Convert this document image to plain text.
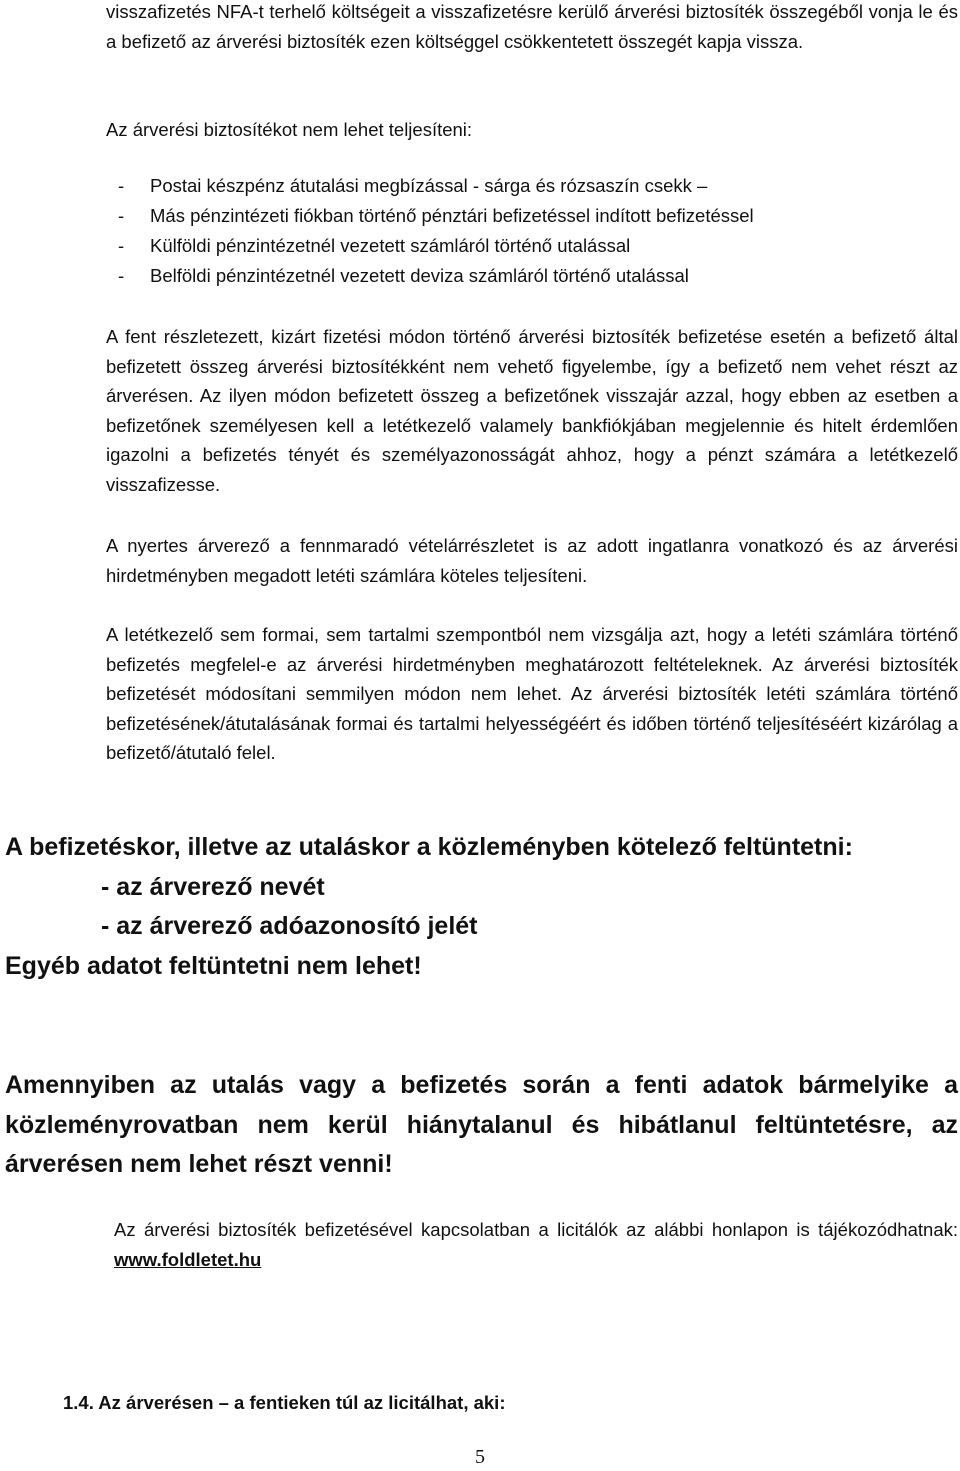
visszafizetés NFA-t terhelő költségeit a visszafizetésre kerülő árverési biztosíték összegéből vonja le és a befizető az árverési biztosíték ezen költséggel csökkentetett összegét kapja vissza.

Az árverési biztosítékot nem lehet teljesíteni:

- Postai készpénz átutalási megbízással - sárga és rózsaszín csekk –
- Más pénzintézeti fiókban történő pénztári befizetéssel indított befizetéssel
- Külföldi pénzintézetnél vezetett számláról történő utalással
- Belföldi pénzintézetnél vezetett deviza számláról történő utalással

A fent részletezett, kizárt fizetési módon történő árverési biztosíték befizetése esetén a befizető által befizetett összeg árverési biztosítékként nem vehető figyelembe, így a befizető nem vehet részt az árverésen. Az ilyen módon befizetett összeg a befizetőnek visszajár azzal, hogy ebben az esetben a befizetőnek személyesen kell a letétkezelő valamely bankfiókjában megjelennie és hitelt érdemlően igazolni a befizetés tényét és személyazonosságát ahhoz, hogy a pénzt számára a letétkezelő visszafizesse.

A nyertes árverező a fennmaradó vételárrészletet is az adott ingatlanra vonatkozó és az árverési hirdetményben megadott letéti számlára köteles teljesíteni.

A letétkezelő sem formai, sem tartalmi szempontból nem vizsgálja azt, hogy a letéti számlára történő befizetés megfelel-e az árverési hirdetményben meghatározott feltételeknek. Az árverési biztosíték befizetését módosítani semmilyen módon nem lehet. Az árverési biztosíték letéti számlára történő befizetésének/átutalásának formai és tartalmi helyességéért és időben történő teljesítéséért kizárólag a befizető/átutaló felel.

A befizetéskor, illetve az utaláskor a közleményben kötelező feltüntetni:
- az árverező nevét
- az árverező adóazonosító jelét
Egyéb adatot feltüntetni nem lehet!

Amennyiben az utalás vagy a befizetés során a fenti adatok bármelyike a közleményrovatban nem kerül hiánytalanul és hibátlanul feltüntetésre, az árverésen nem lehet részt venni!

Az árverési biztosíték befizetésével kapcsolatban a licitálók az alábbi honlapon is tájékozódhatnak: www.foldletet.hu

1.4. Az árverésen – a fentieken túl az licitálhat, aki:

5
